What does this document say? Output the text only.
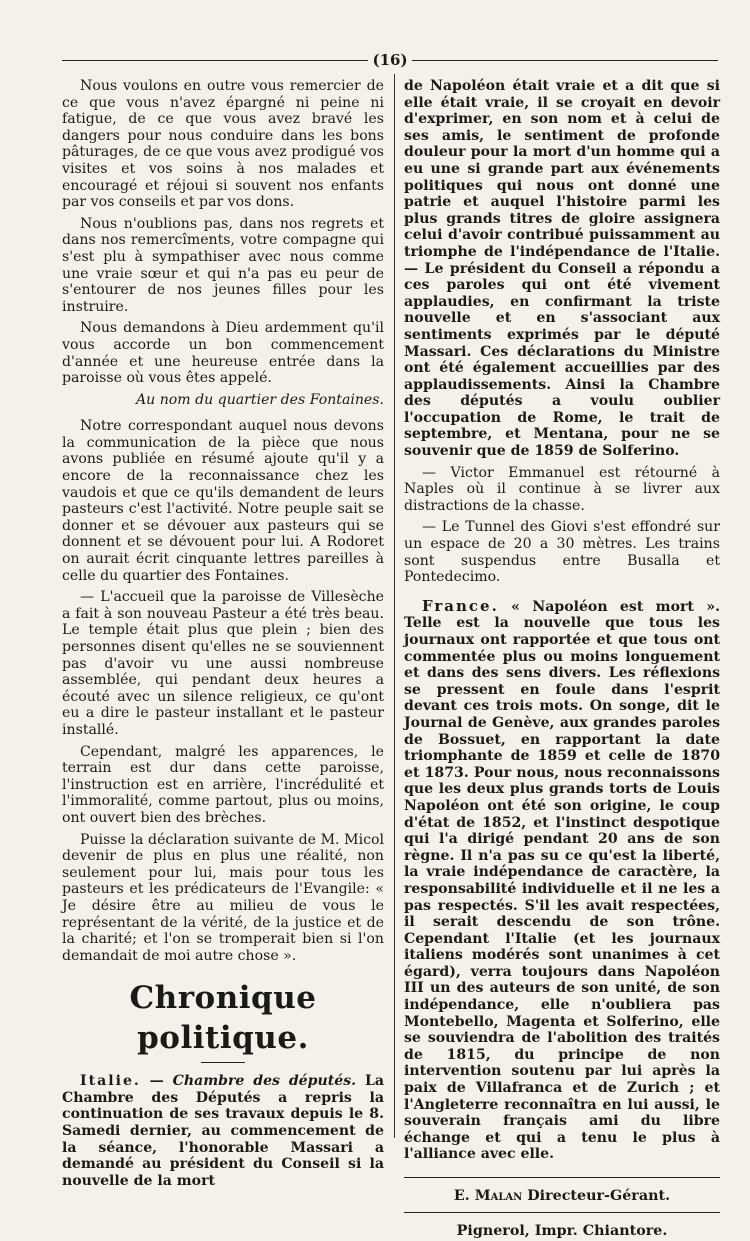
(16)

Nous voulons en outre vous remercier de ce que vous n'avez épargné ni peine ni fatigue, de ce que vous avez bravé les dangers pour nous conduire dans les bons pâturages, de ce que vous avez prodigué vos visites et vos soins à nos malades et encouragé et réjoui si souvent nos enfants par vos conseils et par vos dons.

Nous n'oublions pas, dans nos regrets et dans nos remercîments, votre compagne qui s'est plu à sympathiser avec nous comme une vraie sœur et qui n'a pas eu peur de s'entourer de nos jeunes filles pour les instruire.

Nous demandons à Dieu ardemment qu'il vous accorde un bon commencement d'année et une heureuse entrée dans la paroisse où vous êtes appelé.

Au nom du quartier des Fontaines.

Notre correspondant auquel nous devons la communication de la pièce que nous avons publiée en résumé ajoute qu'il y a encore de la reconnaissance chez les vaudois et que ce qu'ils demandent de leurs pasteurs c'est l'activité. Notre peuple sait se donner et se dévouer aux pasteurs qui se donnent et se dévouent pour lui. A Rodoret on aurait écrit cinquante lettres pareilles à celle du quartier des Fontaines.

— L'accueil que la paroisse de Villesèche a fait à son nouveau Pasteur a été très beau. Le temple était plus que plein ; bien des personnes disent qu'elles ne se souviennent pas d'avoir vu une aussi nombreuse assemblée, qui pendant deux heures a écouté avec un silence religieux, ce qu'ont eu a dire le pasteur installant et le pasteur installé.

Cependant, malgré les apparences, le terrain est dur dans cette paroisse, l'instruction est en arrière, l'incrédulité et l'immoralité, comme partout, plus ou moins, ont ouvert bien des brèches.

Puisse la déclaration suivante de M. Micol devenir de plus en plus une réalité, non seulement pour lui, mais pour tous les pasteurs et les prédicateurs de l'Evangile: « Je désire être au milieu de vous le représentant de la vérité, de la justice et de la charité; et l'on se tromperait bien si l'on demandait de moi autre chose ».

Chronique politique.

Italie. — Chambre des députés. La Chambre des Députés a repris la continuation de ses travaux depuis le 8. Samedi dernier, au commencement de la séance, l'honorable Massari a demandé au président du Conseil si la nouvelle de la mort

de Napoléon était vraie et a dit que si elle était vraie, il se croyait en devoir d'exprimer, en son nom et à celui de ses amis, le sentiment de profonde douleur pour la mort d'un homme qui a eu une si grande part aux événements politiques qui nous ont donné une patrie et auquel l'histoire parmi les plus grands titres de gloire assignera celui d'avoir contribué puissamment au triomphe de l'indépendance de l'Italie. — Le président du Conseil a répondu a ces paroles qui ont été vivement applaudies, en confirmant la triste nouvelle et en s'associant aux sentiments exprimés par le député Massari. Ces déclarations du Ministre ont été également accueillies par des applaudissements. Ainsi la Chambre des députés a voulu oublier l'occupation de Rome, le trait de septembre, et Mentana, pour ne se souvenir que de 1859 de Solferino.

— Victor Emmanuel est rétourné à Naples où il continue à se livrer aux distractions de la chasse.

— Le Tunnel des Giovi s'est effondré sur un espace de 20 a 30 mètres. Les trains sont suspendus entre Busalla et Pontedecimo.

France. « Napoléon est mort ». Telle est la nouvelle que tous les journaux ont rapportée et que tous ont commentée plus ou moins longuement et dans des sens divers. Les réflexions se pressent en foule dans l'esprit devant ces trois mots. On songe, dit le Journal de Genève, aux grandes paroles de Bossuet, en rapportant la date triomphante de 1859 et celle de 1870 et 1873. Pour nous, nous reconnaissons que les deux plus grands torts de Louis Napoléon ont été son origine, le coup d'état de 1852, et l'instinct despotique qui l'a dirigé pendant 20 ans de son règne. Il n'a pas su ce qu'est la liberté, la vraie indépendance de caractère, la responsabilité individuelle et il ne les a pas respectés. S'il les avait respectées, il serait descendu de son trône. Cependant l'Italie (et les journaux italiens modérés sont unanimes à cet égard), verra toujours dans Napoléon III un des auteurs de son unité, de son indépendance, elle n'oubliera pas Montebello, Magenta et Solferino, elle se souviendra de l'abolition des traités de 1815, du principe de non intervention soutenu par lui après la paix de Villafranca et de Zurich ; et l'Angleterre reconnaîtra en lui aussi, le souverain français ami du libre échange et qui a tenu le plus à l'alliance avec elle.

E. Malan Directeur-Gérant.
Pignerol, Impr. Chiantore.
